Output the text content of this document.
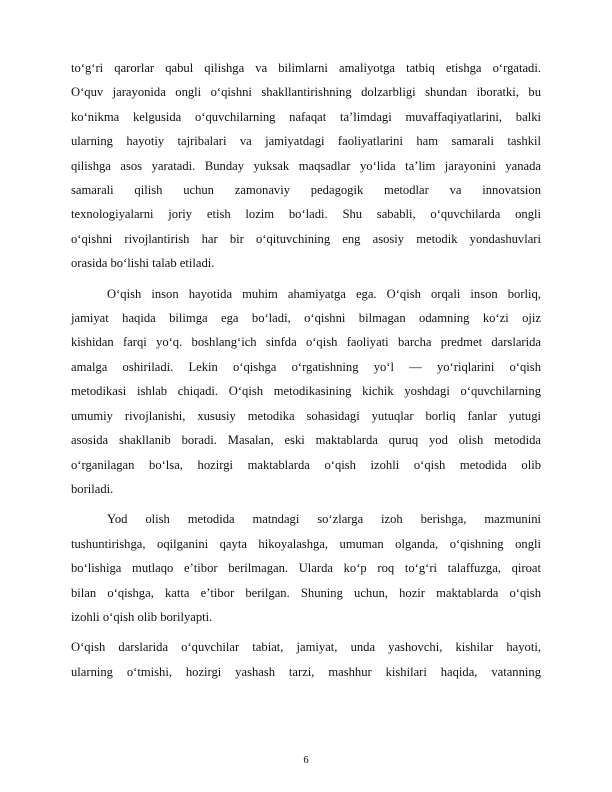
toʻgʻri qarorlar qabul qilishga va bilimlarni amaliyotga tatbiq etishga oʻrgatadi.
Oʻquv jarayonida ongli oʻqishni shakllantirishning dolzarbligi shundan iboratki, bu
koʻnikma kelgusida oʻquvchilarning nafaqat taʼlimdagi muvaffaqiyatlarini, balki
ularning hayotiy tajribalari va jamiyatdagi faoliyatlarini ham samarali tashkil
qilishga asos yaratadi. Bunday yuksak maqsadlar yoʻlida taʼlim jarayonini yanada
samarali qilish uchun zamonaviy pedagogik metodlar va innovatsion
texnologiyalarni joriy etish lozim boʻladi. Shu sababli, oʻquvchilarda ongli
oʻqishni rivojlantirish har bir oʻqituvchining eng asosiy metodik yondashuvlari
orasida boʻlishi talab etiladi.

Oʻqish inson hayotida muhim ahamiyatga ega. Oʻqish orqali inson borliq,
jamiyat haqida bilimga ega boʻladi, oʻqishni bilmagan odamning koʻzi ojiz
kishidan farqi yoʻq. boshlangʻich sinfda oʻqish faoliyati barcha predmet darslarida
amalga oshiriladi. Lekin oʻqishga oʻrgatishning yoʻl — yoʻriqlarini oʻqish
metodikasi ishlab chiqadi. Oʻqish metodikasining kichik yoshdagi oʻquvchilarning
umumiy rivojlanishi, xususiy metodika sohasidagi yutuqlar borliq fanlar yutugi
asosida shakllanib boradi. Masalan, eski maktablarda quruq yod olish metodida
oʻrganilagan boʻlsa, hozirgi maktablarda oʻqish izohli oʻqish metodida olib
boriladi.

Yod olish metodida matndagi soʻzlarga izoh berishga, mazmunini
tushuntirishga, oqilganini qayta hikoyalashga, umuman olganda, oʻqishning ongli
boʻlishiga mutlaqo eʼtibor berilmagan. Ularda koʻp roq toʻgʻri talaffuzga, qiroat
bilan oʻqishga, katta eʼtibor berilgan. Shuning uchun, hozir maktablarda oʻqish
izohli oʻqish olib borilyapti.

Oʻqish darslarida oʻquvchilar tabiat, jamiyat, unda yashovchi, kishilar hayoti,
ularning oʻtmishi, hozirgi yashash tarzi, mashhur kishilari haqida, vatanning

6
